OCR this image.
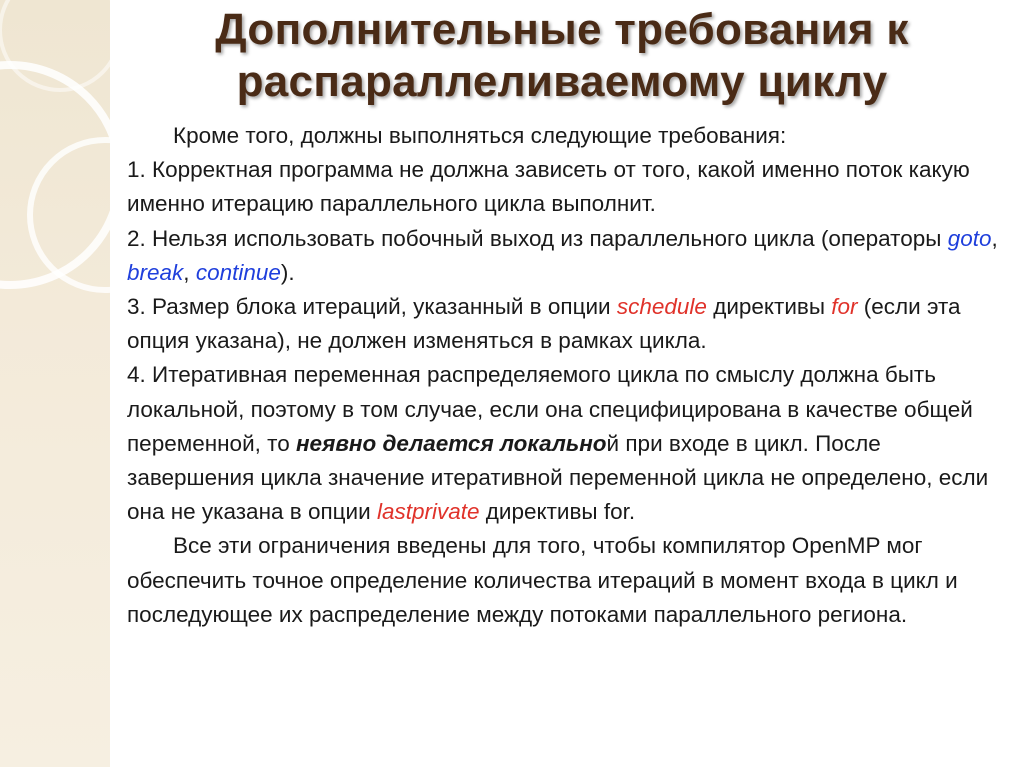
Дополнительные требования к
распараллеливаемому циклу

Кроме того, должны выполняться следующие требования:

1. Корректная программа не должна зависеть от того, какой именно поток какую именно итерацию параллельного цикла выполнит.

2. Нельзя использовать побочный выход из параллельного цикла (операторы goto, break, continue).

3. Размер блока итераций, указанный в опции schedule директивы for (если эта опция указана), не должен изменяться в рамках цикла.

4. Итеративная переменная распределяемого цикла по смыслу должна быть локальной, поэтому в том случае, если она специфицирована в качестве общей переменной, то неявно делается локальной при входе в цикл. После завершения цикла значение итеративной переменной цикла не определено, если она не указана в опции lastprivate директивы for.

Все эти ограничения введены для того, чтобы компилятор OpenMP мог обеспечить точное определение количества итераций в момент входа в цикл и последующее их распределение между потоками параллельного региона.
